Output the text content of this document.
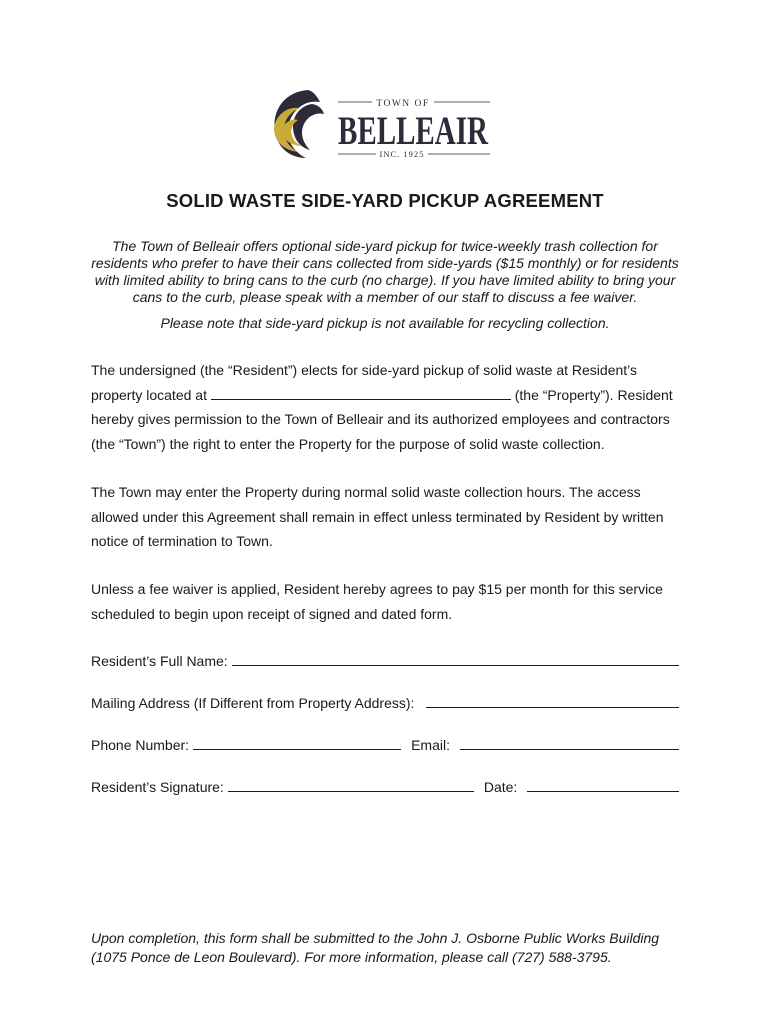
TOWN OF
BELLEAIR
INC. 1925
SOLID WASTE SIDE-YARD PICKUP AGREEMENT
The Town of Belleair offers optional side-yard pickup for twice-weekly trash collection for residents who prefer to have their cans collected from side-yards ($15 monthly) or for residents with limited ability to bring cans to the curb (no charge). If you have limited ability to bring your cans to the curb, please speak with a member of our staff to discuss a fee waiver.
Please note that side-yard pickup is not available for recycling collection.
The undersigned (the “Resident”) elects for side-yard pickup of solid waste at Resident’s property located at	(the “Property”). Resident hereby gives permission to the Town of Belleair and its authorized employees and contractors (the “Town”) the right to enter the Property for the purpose of solid waste collection.
The Town may enter the Property during normal solid waste collection hours. The access allowed under this Agreement shall remain in effect unless terminated by Resident by written notice of termination to Town.
Unless a fee waiver is applied, Resident hereby agrees to pay $15 per month for this service scheduled to begin upon receipt of signed and dated form.
Resident’s Full Name:
Mailing Address (If Different from Property Address):
Phone Number:	Email:
Resident’s Signature:	Date:
Upon completion, this form shall be submitted to the John J. Osborne Public Works Building (1075 Ponce de Leon Boulevard). For more information, please call (727) 588-3795.
